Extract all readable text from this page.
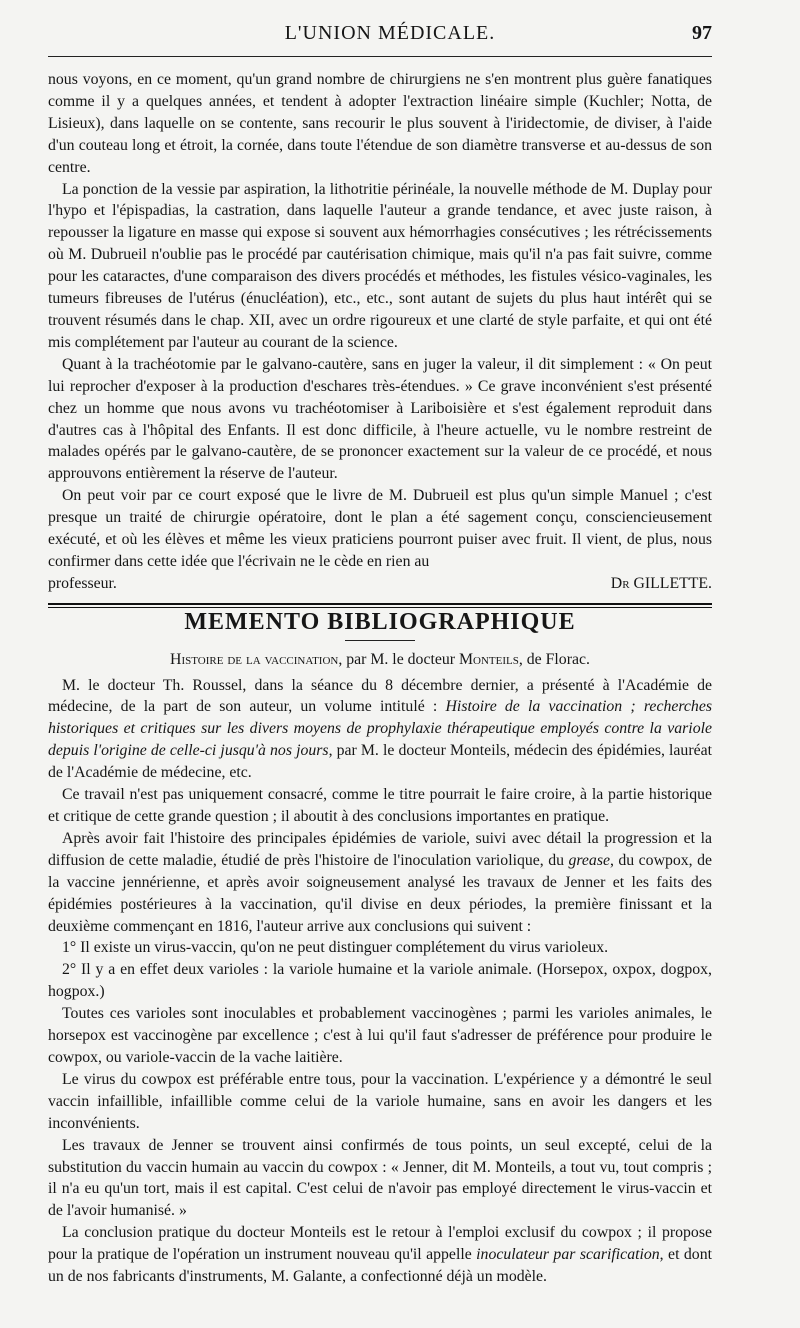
L'UNION MÉDICALE.	97

nous voyons, en ce moment, qu'un grand nombre de chirurgiens ne s'en montrent plus guère fanatiques comme il y a quelques années, et tendent à adopter l'extraction linéaire simple (Kuchler; Notta, de Lisieux), dans laquelle on se contente, sans recourir le plus souvent à l'iridectomie, de diviser, à l'aide d'un couteau long et étroit, la cornée, dans toute l'étendue de son diamètre transverse et au-dessus de son centre.

La ponction de la vessie par aspiration, la lithotritie périnéale, la nouvelle méthode de M. Duplay pour l'hypo et l'épispadias, la castration, dans laquelle l'auteur a grande tendance, et avec juste raison, à repousser la ligature en masse qui expose si souvent aux hémorrhagies consécutives ; les rétrécissements où M. Dubrueil n'oublie pas le procédé par cautérisation chimique, mais qu'il n'a pas fait suivre, comme pour les cataractes, d'une comparaison des divers procédés et méthodes, les fistules vésico-vaginales, les tumeurs fibreuses de l'utérus (énucléation), etc., etc., sont autant de sujets du plus haut intérêt qui se trouvent résumés dans le chap. XII, avec un ordre rigoureux et une clarté de style parfaite, et qui ont été mis complétement par l'auteur au courant de la science.

Quant à la trachéotomie par le galvano-cautère, sans en juger la valeur, il dit simplement : « On peut lui reprocher d'exposer à la production d'eschares très-étendues. » Ce grave inconvénient s'est présenté chez un homme que nous avons vu trachéotomiser à Lariboisière et s'est également reproduit dans d'autres cas à l'hôpital des Enfants. Il est donc difficile, à l'heure actuelle, vu le nombre restreint de malades opérés par le galvano-cautère, de se prononcer exactement sur la valeur de ce procédé, et nous approuvons entièrement la réserve de l'auteur.

On peut voir par ce court exposé que le livre de M. Dubrueil est plus qu'un simple Manuel ; c'est presque un traité de chirurgie opératoire, dont le plan a été sagement conçu, consciencieusement exécuté, et où les élèves et même les vieux praticiens pourront puiser avec fruit. Il vient, de plus, nous confirmer dans cette idée que l'écrivain ne le cède en rien au

professeur.	Dr GILLETTE.
MEMENTO BIBLIOGRAPHIQUE
Histoire de la vaccination, par M. le docteur Monteils, de Florac.

M. le docteur Th. Roussel, dans la séance du 8 décembre dernier, a présenté à l'Académie de médecine, de la part de son auteur, un volume intitulé : Histoire de la vaccination ; recherches historiques et critiques sur les divers moyens de prophylaxie thérapeutique employés contre la variole depuis l'origine de celle-ci jusqu'à nos jours, par M. le docteur Monteils, médecin des épidémies, lauréat de l'Académie de médecine, etc.

Ce travail n'est pas uniquement consacré, comme le titre pourrait le faire croire, à la partie historique et critique de cette grande question ; il aboutit à des conclusions importantes en pratique.

Après avoir fait l'histoire des principales épidémies de variole, suivi avec détail la progression et la diffusion de cette maladie, étudié de près l'histoire de l'inoculation variolique, du grease, du cowpox, de la vaccine jennérienne, et après avoir soigneusement analysé les travaux de Jenner et les faits des épidémies postérieures à la vaccination, qu'il divise en deux périodes, la première finissant et la deuxième commençant en 1816, l'auteur arrive aux conclusions qui suivent :

1° Il existe un virus-vaccin, qu'on ne peut distinguer complétement du virus varioleux.

2° Il y a en effet deux varioles : la variole humaine et la variole animale. (Horsepox, oxpox, dogpox, hogpox.)

Toutes ces varioles sont inoculables et probablement vaccinogènes ; parmi les varioles animales, le horsepox est vaccinogène par excellence ; c'est à lui qu'il faut s'adresser de préférence pour produire le cowpox, ou variole-vaccin de la vache laitière.

Le virus du cowpox est préférable entre tous, pour la vaccination. L'expérience y a démontré le seul vaccin infaillible, infaillible comme celui de la variole humaine, sans en avoir les dangers et les inconvénients.

Les travaux de Jenner se trouvent ainsi confirmés de tous points, un seul excepté, celui de la substitution du vaccin humain au vaccin du cowpox : « Jenner, dit M. Monteils, a tout vu, tout compris ; il n'a eu qu'un tort, mais il est capital. C'est celui de n'avoir pas employé directement le virus-vaccin et de l'avoir humanisé. »

La conclusion pratique du docteur Monteils est le retour à l'emploi exclusif du cowpox ; il propose pour la pratique de l'opération un instrument nouveau qu'il appelle inoculateur par scarification, et dont un de nos fabricants d'instruments, M. Galante, a confectionné déjà un modèle.
